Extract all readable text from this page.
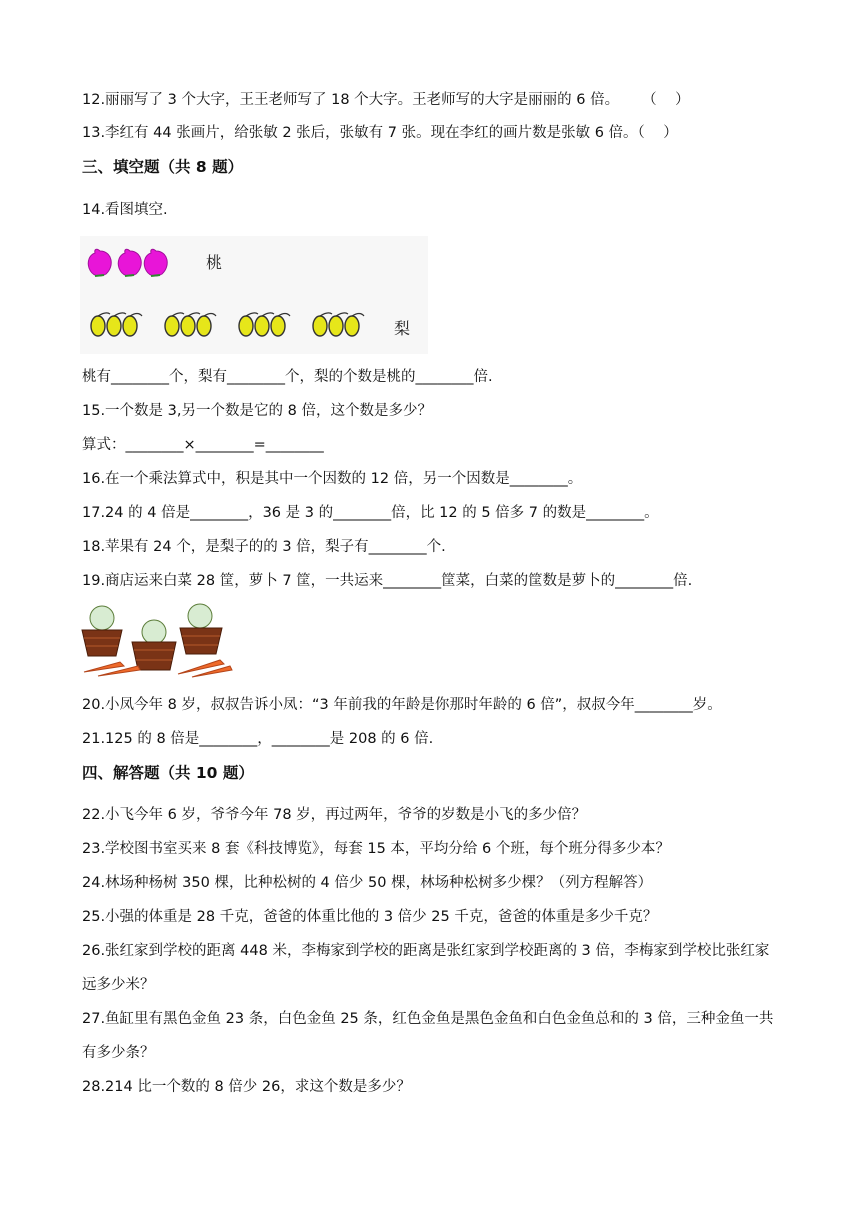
12.丽丽写了 3 个大字，王王老师写了 18 个大字。王老师写的大字是丽丽的 6 倍。     （    ）
13.李红有 44 张画片，给张敏 2 张后，张敏有 7 张。现在李红的画片数是张敏 6 倍。（    ）
三、填空题（共 8 题）
14.看图填空.
桃
梨
桃有________个，梨有________个，梨的个数是桃的________倍.
15.一个数是 3,另一个数是它的 8 倍，这个数是多少？
算式：________×________=________
16.在一个乘法算式中，积是其中一个因数的 12 倍，另一个因数是________。
17.24 的 4 倍是________，36 是 3 的________倍，比 12 的 5 倍多 7 的数是________。
18.苹果有 24 个，是梨子的的 3 倍，梨子有________个.
19.商店运来白菜 28 筐，萝卜 7 筐，一共运来________筐菜，白菜的筐数是萝卜的________倍.
20.小凤今年 8 岁，叔叔告诉小凤：“3 年前我的年龄是你那时年龄的 6 倍”，叔叔今年________岁。
21.125 的 8 倍是________，________是 208 的 6 倍.
四、解答题（共 10 题）
22.小飞今年 6 岁，爷爷今年 78 岁，再过两年，爷爷的岁数是小飞的多少倍？
23.学校图书室买来 8 套《科技博览》，每套 15 本，平均分给 6 个班，每个班分得多少本？
24.林场种杨树 350 棵，比种松树的 4 倍少 50 棵，林场种松树多少棵？（列方程解答）
25.小强的体重是 28 千克，爸爸的体重比他的 3 倍少 25 千克，爸爸的体重是多少千克？
26.张红家到学校的距离 448 米，李梅家到学校的距离是张红家到学校距离的 3 倍，李梅家到学校比张红家
远多少米？
27.鱼缸里有黑色金鱼 23 条，白色金鱼 25 条，红色金鱼是黑色金鱼和白色金鱼总和的 3 倍，三种金鱼一共
有多少条？
28.214 比一个数的 8 倍少 26，求这个数是多少？
